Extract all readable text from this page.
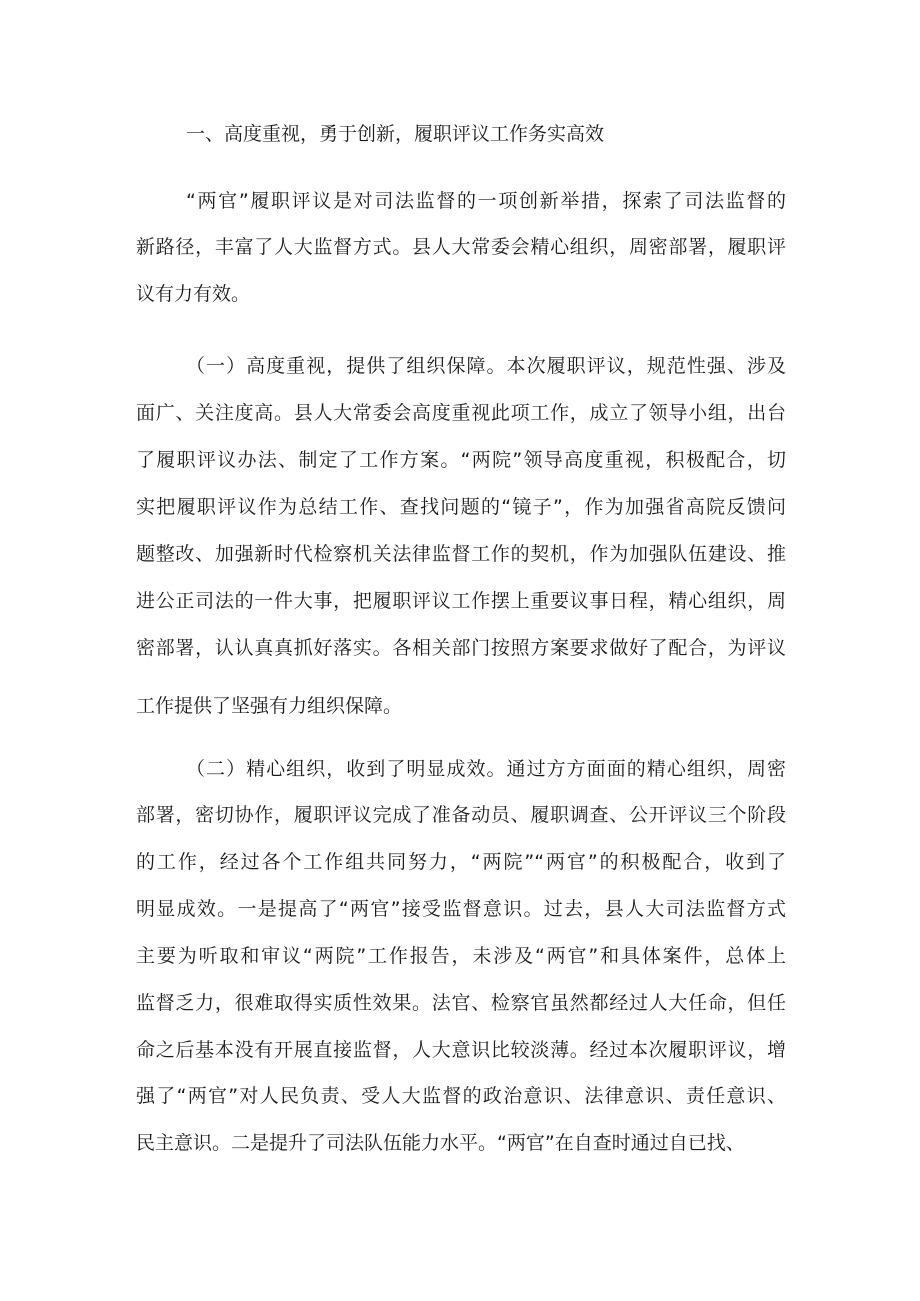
一、高度重视，勇于创新，履职评议工作务实高效
“两官”履职评议是对司法监督的一项创新举措，探索了司法监督的
新路径，丰富了人大监督方式。县人大常委会精心组织，周密部署，履职评
议有力有效。
（一）高度重视，提供了组织保障。本次履职评议，规范性强、涉及
面广、关注度高。县人大常委会高度重视此项工作，成立了领导小组，出台
了履职评议办法、制定了工作方案。“两院”领导高度重视，积极配合，切
实把履职评议作为总结工作、查找问题的“镜子”，作为加强省高院反馈问
题整改、加强新时代检察机关法律监督工作的契机，作为加强队伍建设、推
进公正司法的一件大事，把履职评议工作摆上重要议事日程，精心组织，周
密部署，认认真真抓好落实。各相关部门按照方案要求做好了配合，为评议
工作提供了坚强有力组织保障。
（二）精心组织，收到了明显成效。通过方方面面的精心组织，周密
部署，密切协作，履职评议完成了准备动员、履职调查、公开评议三个阶段
的工作，经过各个工作组共同努力，“两院”“两官”的积极配合，收到了
明显成效。一是提高了“两官”接受监督意识。过去，县人大司法监督方式
主要为听取和审议“两院”工作报告，未涉及“两官”和具体案件，总体上
监督乏力，很难取得实质性效果。法官、检察官虽然都经过人大任命，但任
命之后基本没有开展直接监督，人大意识比较淡薄。经过本次履职评议，增
强了“两官”对人民负责、受人大监督的政治意识、法律意识、责任意识、
民主意识。二是提升了司法队伍能力水平。“两官”在自查时通过自已找、
